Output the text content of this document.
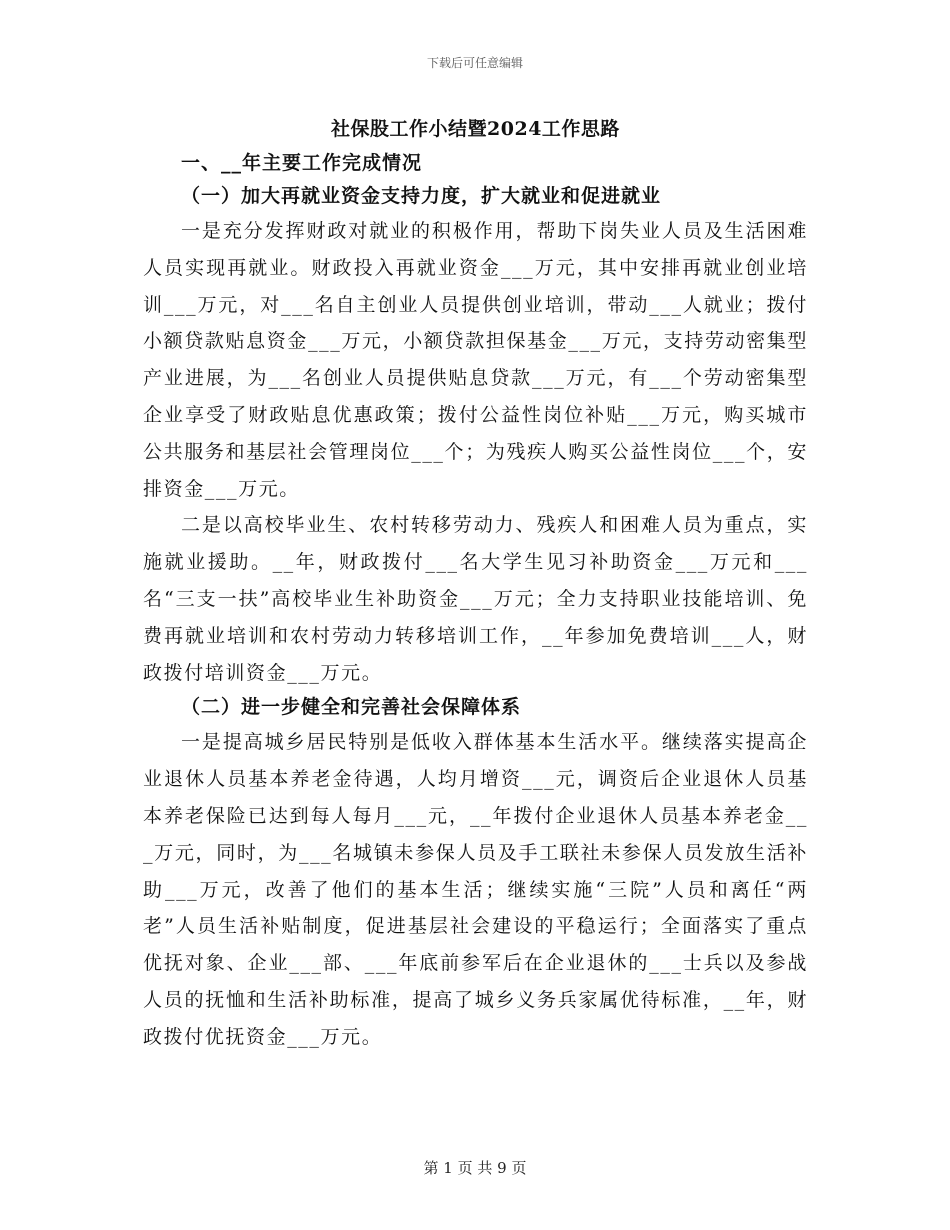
下载后可任意编辑
社保股工作小结暨2024工作思路
一、__年主要工作完成情况
（一）加大再就业资金支持力度，扩大就业和促进就业

一是充分发挥财政对就业的积极作用，帮助下岗失业人员及生活困难人员实现再就业。财政投入再就业资金___万元，其中安排再就业创业培训___万元，对___名自主创业人员提供创业培训，带动___人就业；拨付小额贷款贴息资金___万元，小额贷款担保基金___万元，支持劳动密集型产业进展，为___名创业人员提供贴息贷款___万元，有___个劳动密集型企业享受了财政贴息优惠政策；拨付公益性岗位补贴___万元，购买城市公共服务和基层社会管理岗位___个；为残疾人购买公益性岗位___个，安排资金___万元。

二是以高校毕业生、农村转移劳动力、残疾人和困难人员为重点，实施就业援助。__年，财政拨付___名大学生见习补助资金___万元和___名“三支一扶”高校毕业生补助资金___万元；全力支持职业技能培训、免费再就业培训和农村劳动力转移培训工作，__年参加免费培训___人，财政拨付培训资金___万元。

（二）进一步健全和完善社会保障体系

一是提高城乡居民特别是低收入群体基本生活水平。继续落实提高企业退休人员基本养老金待遇，人均月增资___元，调资后企业退休人员基本养老保险已达到每人每月___元，__年拨付企业退休人员基本养老金___万元，同时，为___名城镇未参保人员及手工联社未参保人员发放生活补助___万元，改善了他们的基本生活；继续实施“三院”人员和离任“两老”人员生活补贴制度，促进基层社会建设的平稳运行；全面落实了重点优抚对象、企业___部、___年底前参军后在企业退休的___士兵以及参战人员的抚恤和生活补助标准，提高了城乡义务兵家属优待标准，__年，财政拨付优抚资金___万元。

第 1 页 共 9 页
